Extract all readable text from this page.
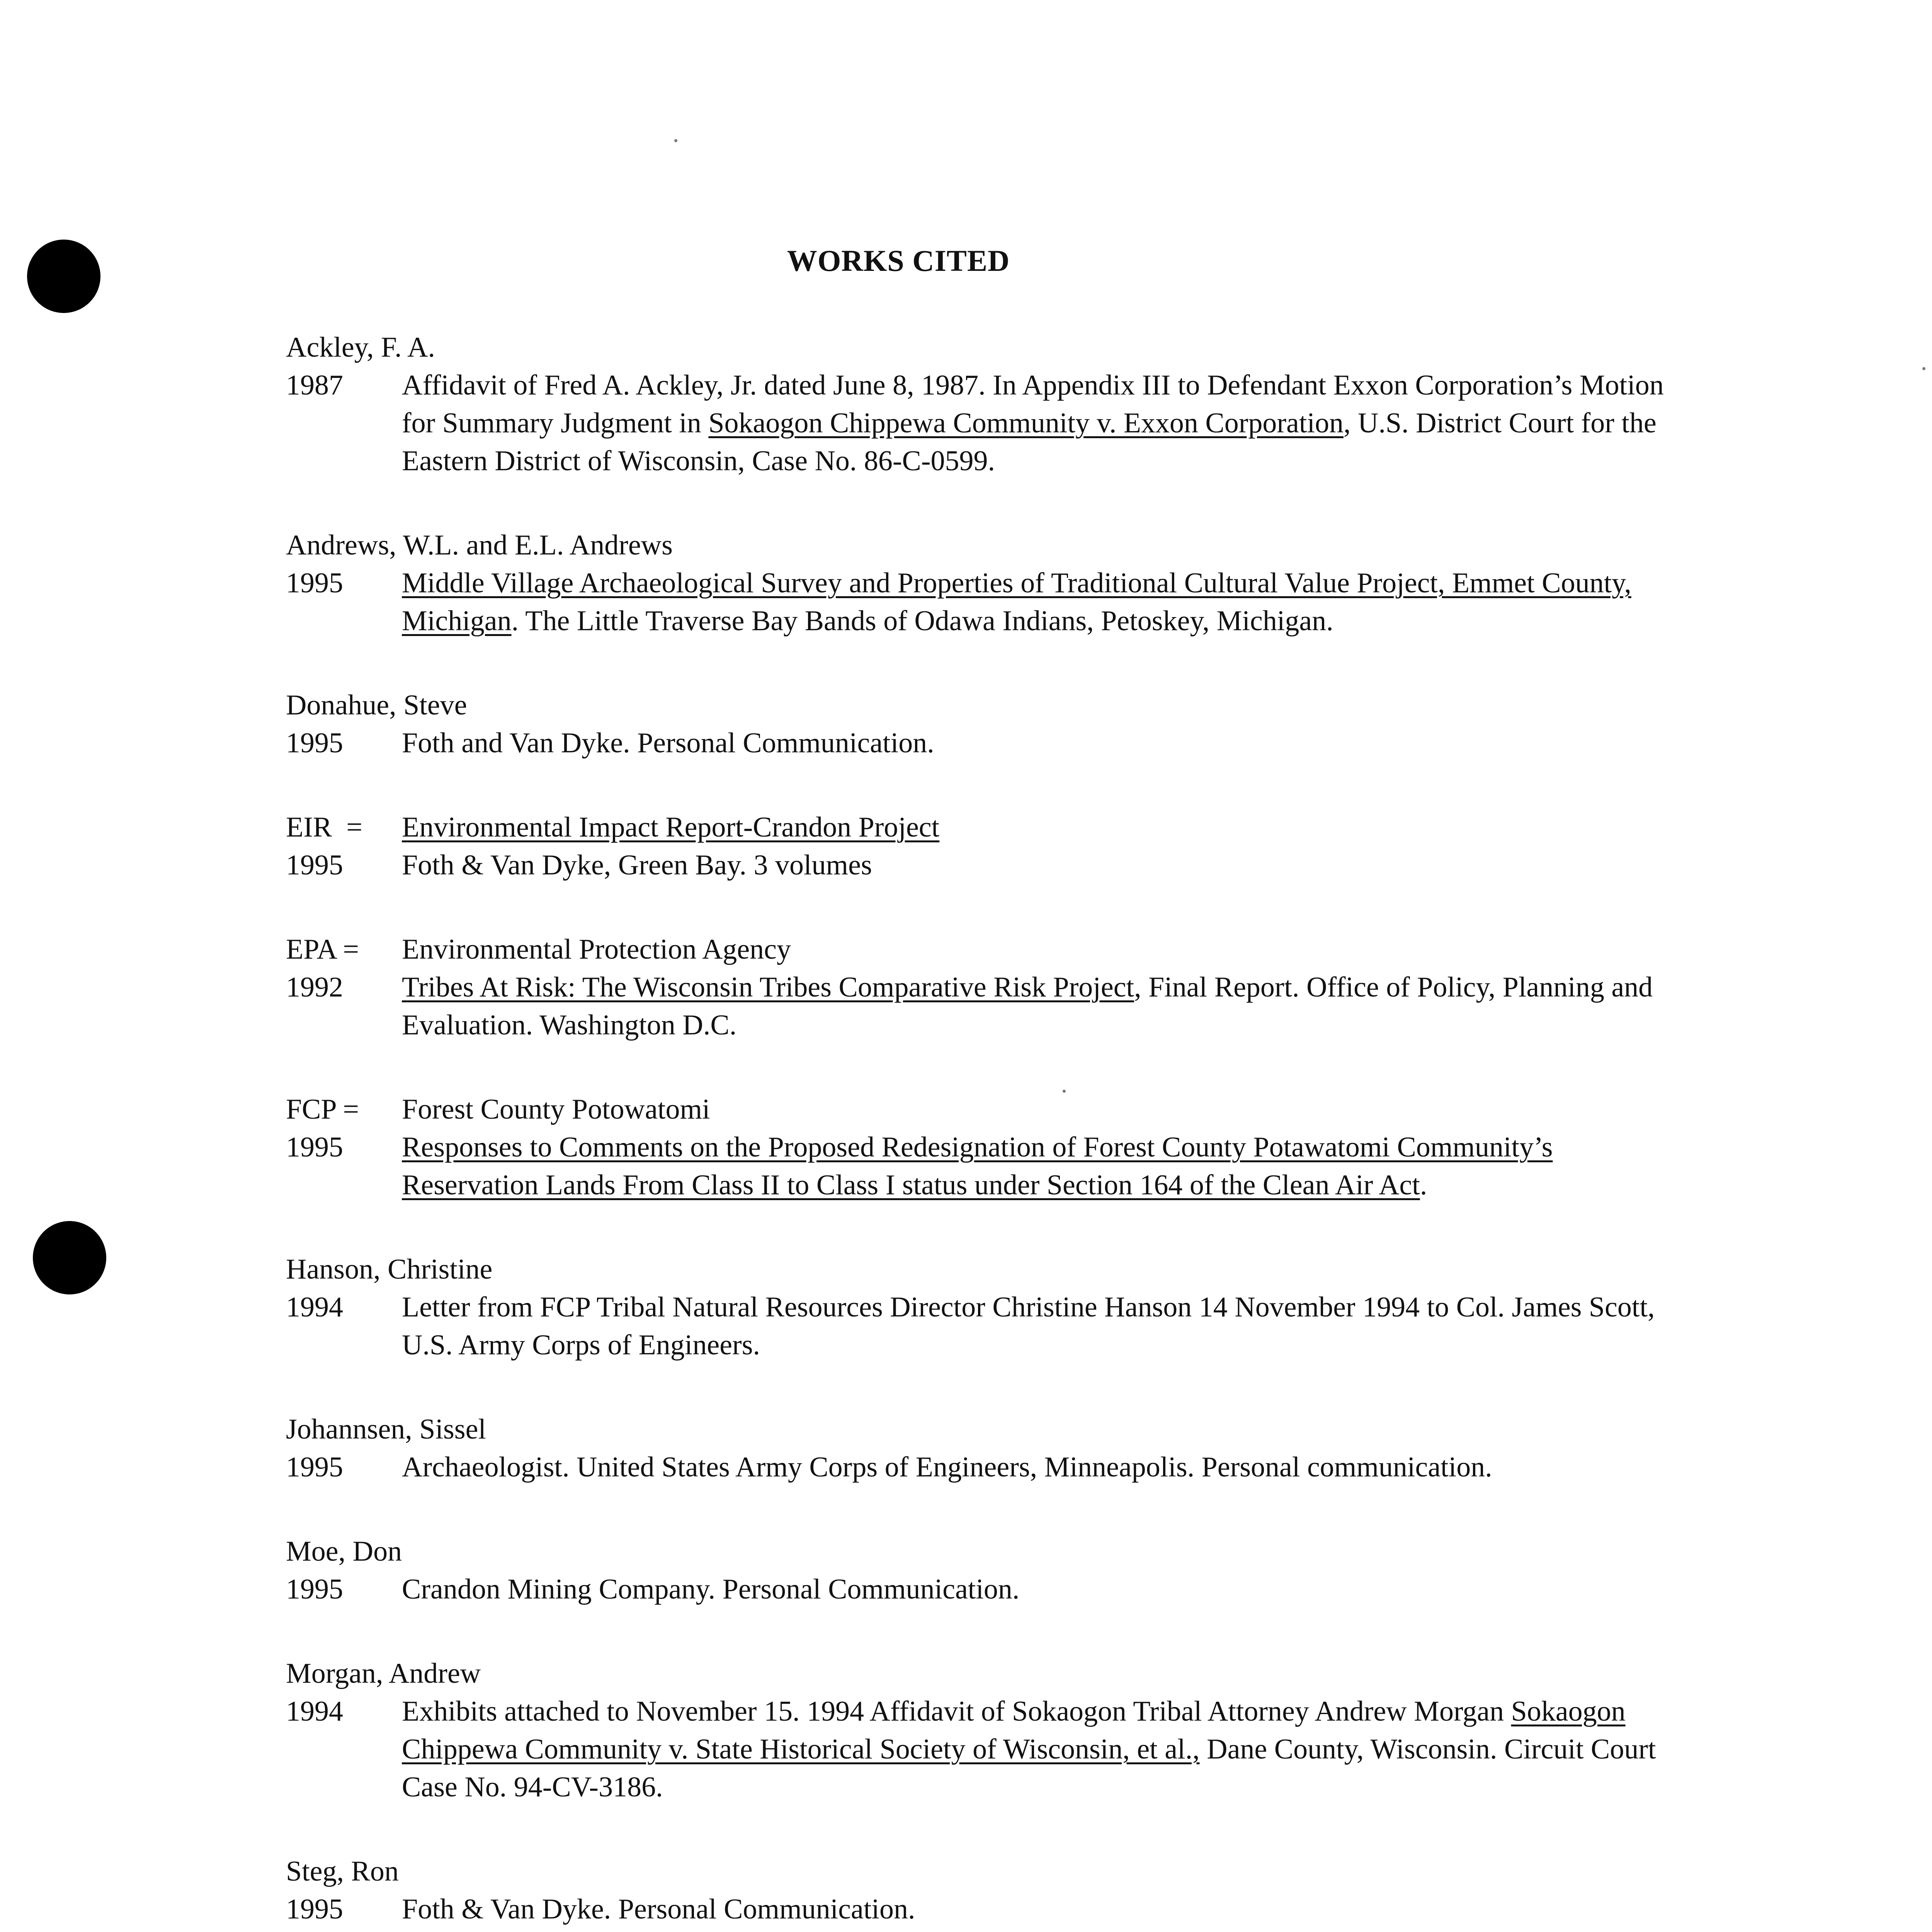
WORKS CITED
Ackley, F. A.
1987	Affidavit of Fred A. Ackley, Jr. dated June 8, 1987. In Appendix III to Defendant Exxon Corporation’s Motion for Summary Judgment in Sokaogon Chippewa Community v. Exxon Corporation, U.S. District Court for the Eastern District of Wisconsin, Case No. 86-C-0599.
Andrews, W.L. and E.L. Andrews
1995	Middle Village Archaeological Survey and Properties of Traditional Cultural Value Project, Emmet County, Michigan. The Little Traverse Bay Bands of Odawa Indians, Petoskey, Michigan.
Donahue, Steve
1995	Foth and Van Dyke. Personal Communication.
EIR  = Environmental Impact Report-Crandon Project
1995	Foth & Van Dyke, Green Bay. 3 volumes
EPA = Environmental Protection Agency
1992	Tribes At Risk: The Wisconsin Tribes Comparative Risk Project, Final Report. Office of Policy, Planning and Evaluation. Washington D.C.
FCP = Forest County Potowatomi
1995	Responses to Comments on the Proposed Redesignation of Forest County Potawatomi Community’s Reservation Lands From Class II to Class I status under Section 164 of the Clean Air Act.
Hanson, Christine
1994	Letter from FCP Tribal Natural Resources Director Christine Hanson 14 November 1994 to Col. James Scott, U.S. Army Corps of Engineers.
Johannsen, Sissel
1995	Archaeologist. United States Army Corps of Engineers, Minneapolis. Personal communication.
Moe, Don
1995	Crandon Mining Company. Personal Communication.
Morgan, Andrew
1994	Exhibits attached to November 15. 1994 Affidavit of Sokaogon Tribal Attorney Andrew Morgan Sokaogon Chippewa Community v. State Historical Society of Wisconsin, et al., Dane County, Wisconsin. Circuit Court Case No. 94-CV-3186.
Steg, Ron
1995	Foth & Van Dyke. Personal Communication.
